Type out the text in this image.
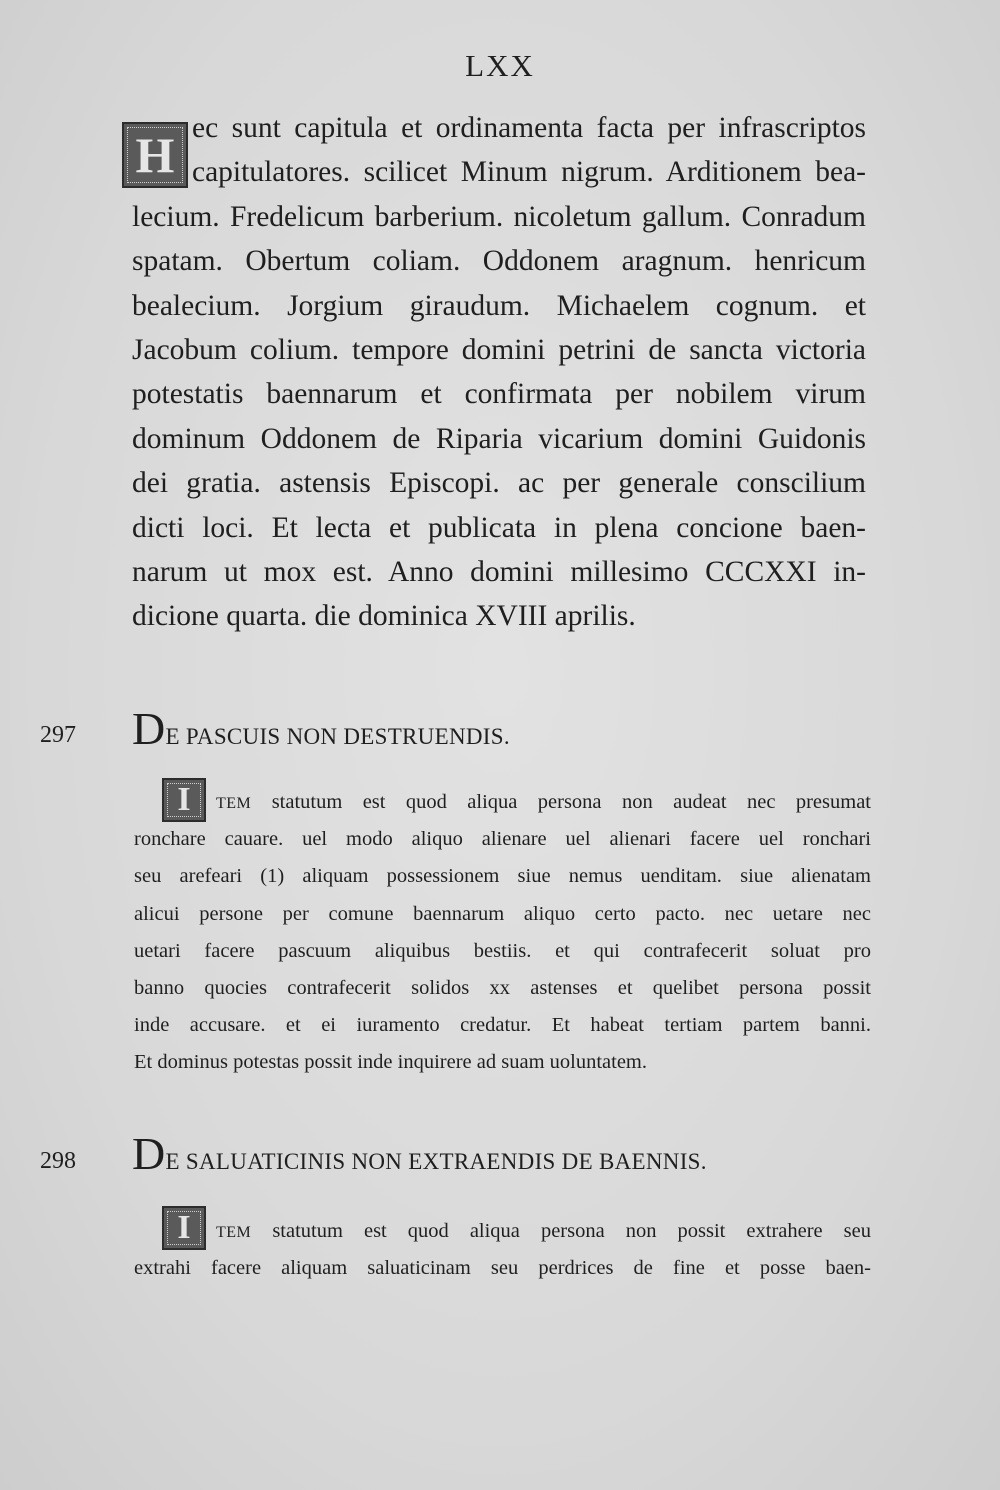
LXX
H ec sunt capitula et ordinamenta facta per infrascriptos
capitulatores. scilicet Minum nigrum. Arditionem bea-
lecium. Fredelicum barberium. nicoletum gallum. Conradum
spatam. Obertum coliam. Oddonem aragnum. henricum
bealecium. Jorgium giraudum. Michaelem cognum. et
Jacobum colium. tempore domini petrini de sancta victoria
potestatis baennarum et confirmata per nobilem virum
dominum Oddonem de Riparia vicarium domini Guidonis
dei gratia. astensis Episcopi. ac per generale conscilium
dicti loci. Et lecta et publicata in plena concione baen-
narum ut mox est. Anno domini millesimo CCCXXI in-
dicione quarta. die dominica XVIII aprilis.
297 DE PASCUIS NON DESTRUENDIS.
I	TEM statutum est quod aliqua persona non audeat nec presumat
ronchare cauare. uel modo aliquo alienare uel alienari facere uel ronchari
seu arefeari (1) aliquam possessionem siue nemus uenditam. siue alienatam
alicui persone per comune baennarum aliquo certo pacto. nec uetare nec
uetari facere pascuum aliquibus bestiis. et qui contrafecerit soluat pro
banno quocies contrafecerit solidos xx astenses et quelibet persona possit
inde accusare. et ei iuramento credatur. Et habeat tertiam partem banni.
Et dominus potestas possit inde inquirere ad suam uoluntatem.
298 DE SALUATICINIS NON EXTRAENDIS DE BAENNIS.
I	TEM statutum est quod aliqua persona non possit extrahere seu
extrahi facere aliquam saluaticinam seu perdrices de fine et posse baen-
